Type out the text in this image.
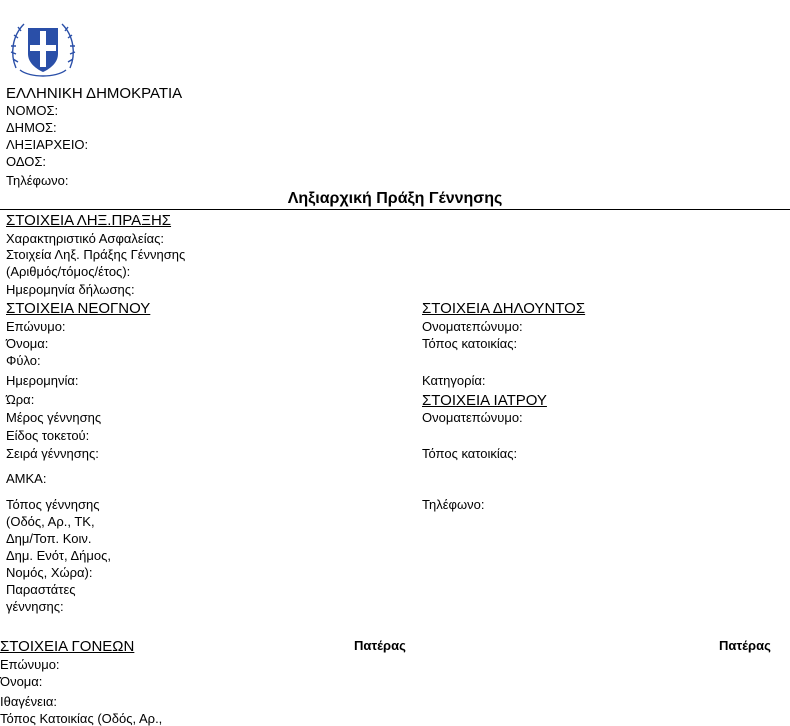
ΕΛΛΗΝΙΚΗ ΔΗΜΟΚΡΑΤΙΑ
ΝΟΜΟΣ:
ΔΗΜΟΣ:
ΛΗΞΙΑΡΧΕΙΟ:
ΟΔΟΣ:
Τηλέφωνο:
Ληξιαρχική Πράξη Γέννησης
ΣΤΟΙΧΕΙΑ ΛΗΞ.ΠΡΑΞΗΣ
Χαρακτηριστικό Ασφαλείας:
Στοιχεία Ληξ. Πράξης Γέννησης
(Αριθμός/τόμος/έτος):
Ημερομηνία δήλωσης:
ΣΤΟΙΧΕΙΑ ΝΕΟΓΝΟΥ
Επώνυμο:
Όνομα:
Φύλο:
Ημερομηνία:
Ώρα:
Μέρος γέννησης
Είδος τοκετού:
Σειρά γέννησης:
ΑΜΚΑ:
Τόπος γέννησης
(Οδός, Αρ., ΤΚ,
Δημ/Τοπ. Κοιν.
Δημ. Ενότ, Δήμος,
Νομός, Χώρα):
Παραστάτες
γέννησης:
ΣΤΟΙΧΕΙΑ ΔΗΛΟΥΝΤΟΣ
Ονοματεπώνυμο:
Τόπος κατοικίας:
Κατηγορία:
ΣΤΟΙΧΕΙΑ ΙΑΤΡΟΥ
Ονοματεπώνυμο:
Τόπος κατοικίας:
Τηλέφωνο:
ΣΤΟΙΧΕΙΑ ΓΟΝΕΩΝ	Πατέρας	Πατέρας
Επώνυμο:
Όνομα:
Ιθαγένεια:
Τόπος Κατοικίας (Οδός, Αρ.,
